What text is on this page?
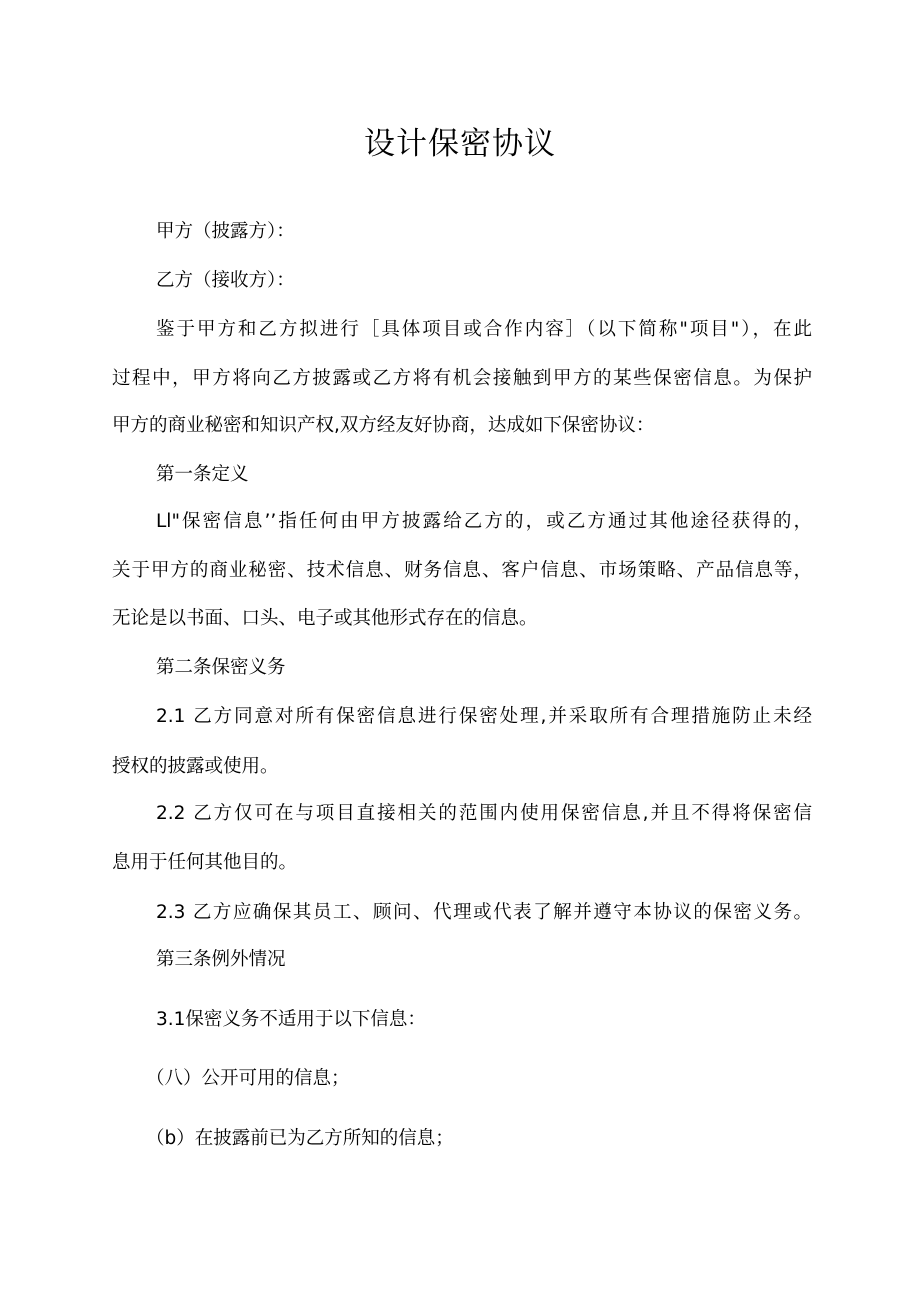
设计保密协议

甲方（披露方）：

乙方（接收方）：

鉴于甲方和乙方拟进行［具体项目或合作内容］（以下简称"项目"），在此

过程中，甲方将向乙方披露或乙方将有机会接触到甲方的某些保密信息。为保护

甲方的商业秘密和知识产权,双方经友好协商，达成如下保密协议：

第一条定义

Ll"保密信息’’指任何由甲方披露给乙方的，或乙方通过其他途径获得的，

关于甲方的商业秘密、技术信息、财务信息、客户信息、市场策略、产品信息等，

无论是以书面、口头、电子或其他形式存在的信息。

第二条保密义务

2.1 乙方同意对所有保密信息进行保密处理,并采取所有合理措施防止未经

授权的披露或使用。

2.2 乙方仅可在与项目直接相关的范围内使用保密信息,并且不得将保密信

息用于任何其他目的。

2.3 乙方应确保其员工、顾问、代理或代表了解并遵守本协议的保密义务。

第三条例外情况

3.1保密义务不适用于以下信息：

（八）公开可用的信息；

（b）在披露前已为乙方所知的信息；
